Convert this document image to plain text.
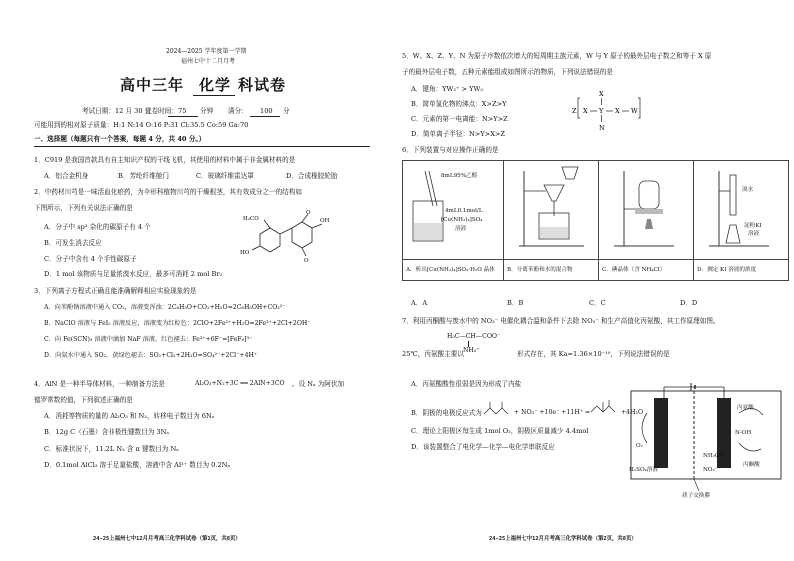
2024—2025 学年度第一学期
福州七中十二月月考
高中三年 化学 科试卷
考试日期：12 月 30 日
完卷时间： 75 分钟 满分： 100 分
可能用到的相对原子质量：H:1 N:14 O:16 P:31 Cl:35.5 Co:59 Ga:70
一、选择题（每题只有一个答案，每题 4 分，共 40 分。）
1．C919 是我国首款具有自主知识产权的干线飞机，其使用的材料中属于非金属材料的是
A．铝合金机身	B．芳纶纤维舱门	C．玻璃纤维雷达罩	D．合成橡胶轮胎
2．中药材川芎是一味活血化瘀药，为伞形科植物川芎的干燥根茎，其有效成分之一的结构如
下图所示，下列有关说法正确的是
A．分子中 sp³ 杂化的碳原子有 4 个
B．可发生消去反应
C．分子中含有 4 个手性碳原子
D．1 mol 该物质与足量浓溴水反应，最多可消耗 2 mol Br₂
H₃CO
HO
OH
O
O
3．下列离子方程式正确且能准确解释相应实验现象的是
A．向苯酚钠溶液中通入 CO₂，溶液变浑浊：2C₆H₅O+CO₂+H₂O=2C₆H₅OH+CO₃²⁻
B．NaClO 溶液与 FeI₂ 溶液反应，溶液变为红棕色：2ClO+2Fe²⁺+H₂O=2Fe³⁺+2Cl+2OH⁻
C．向 Fe(SCN)₃ 溶液中滴加 NaF 溶液，红色褪去：Fe³⁺+6F⁻=[FeF₆]³⁻
D．向氨水中通入 SO₂，黄绿色褪去：SO₂+Cl₂+2H₂O=SO₄²⁻+2Cl⁻+4H⁺
4．AlN 是一种半导体材料，一种制备方法是	Al₂O₃+N₂+3C ══ 2AlN+3CO 。设 Nₐ 为阿伏加
德罗常数的值，下列叙述正确的是
A．消耗等物质的量的 Al₂O₃ 和 N₂，转移电子数目为 6Nₐ
B．12g C（石墨）含非极性键数目为 3Nₐ
C．标准状况下，11.2L N₂ 含 π 键数目为 Nₐ
D．0.1mol AlCl₃ 溶于足量盐酸，溶液中含 Al³⁺ 数目为 0.2Nₐ
24-25上福州七中12月月考高三化学科试卷（第1页，共8页）
5．W、X、Z、Y、N 为原子序数依次增大的短周期主族元素，W 与 Y 原子的最外层电子数之和等于 X 原
子的最外层电子数，五种元素能组成如图所示的物质，下列说法错误的是
A．键角：YW₃⁺ > YW₃
B．简单氢化物的沸点：X>Z>Y
C．元素的第一电离能：N>Y>Z
D．简单离子半径：N>Y>X>Z
Z X Y X W
X
N
6．下列装置与对应操作正确的是
8mL95%乙醇
4mL0.1mol/L
[Cu(NH₃)₄]SO₄
溶液
溴水
淀粉KI
溶液
A．析出[Cu(NH₃)₄]SO₄·H₂O 晶体 B．分离苯酚和水的混合物	C．碘晶体（含 NH₄Cl）	D．测定 KI 溶液的浓度
A．A	B．B	C．C	D．D
7．利用丙酮酸与废水中的 NO₃⁻ 电催化耦合温和条件下去除 NO₃⁻ 和生产高值化丙氨酸，其工作原理如图。
H₃C—CH—COO⁻
NH₃⁺
25℃，丙氨酸主要以	形式存在，其 Ka=1.36×10⁻¹⁰，下列说法错误的是
A．丙氨酸酸性很弱是因为形成了内盐
B．阴极的电极反应式为	+ NO₃⁻ +10e⁻ +11H⁺ =	+4H₂O
C．理论上阳极区每生成 1mol O₂，阴极区质量减少 4.4mol
D．该装置整合了电化学—化学—电化学串联反应	O₂
H₂SO₄溶液
丙氨酸
丙酮酸
N-OH
NH₂OH
NO₃⁻
质子交换膜
24-25上福州七中12月月考高三化学科试卷（第2页，共8页）
